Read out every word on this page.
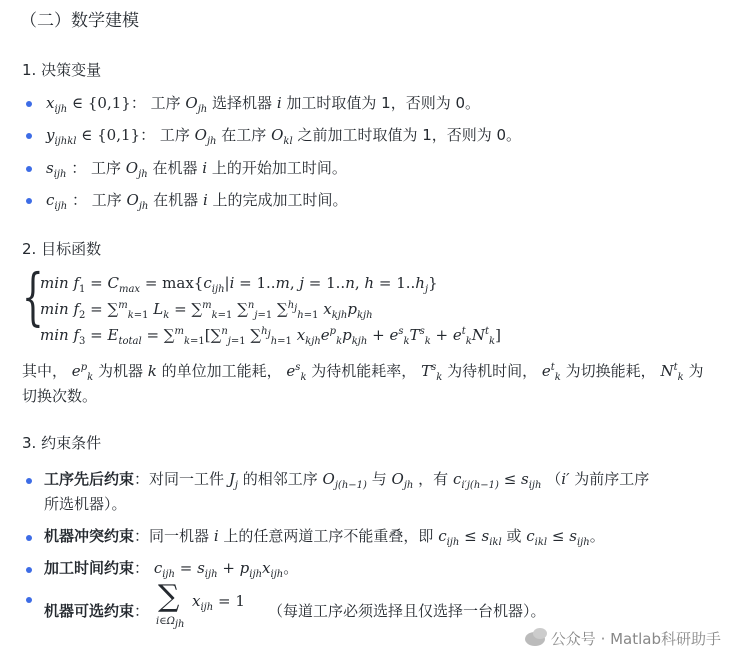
（二）数学建模
1. 决策变量
$x_{ijh}$ ∈ {0,1}： 工序 $O_{jh}$ 选择机器 i 加工时取值为 1，否则为 0。
$y_{ijhkl}$ ∈ {0,1}： 工序 $O_{jh}$ 在工序 $O_{kl}$ 之前加工时取值为 1，否则为 0。
$s_{ijh}$ ： 工序 $O_{jh}$ 在机器 i 上的开始加工时间。
$c_{ijh}$ ： 工序 $O_{jh}$ 在机器 i 上的完成加工时间。
2. 目标函数
{
$\min f_1 = C_{max} = \max\{c_{ijh}|i = 1..m$, j = 1..n, $h = 1..h_j$}
$\min f_2 = \sum^m_{k=1}$ $L_k = \sum^m_{k=1}$ ∑$^n_{j=1}$ ∑$^{h_j}_{h=1}$ $x_{kjh}p_{kjh}$
$\min f_3 = E_{total} = \sum^m_{k=1}[\sum^n_{j=1}$ ∑$^{h_j}_{h=1}$ $x_{kjh}e^p_kp_{kjh} + e^s_kT^s_k + e^t_kN^t_k$]
其中， $e^p_k$ 为机器 k 的单位加工能耗， $e^s_k$ 为待机能耗率， $T^s_k$ 为待机时间， $e^t_k$ 为切换能耗， $N^t_k$ 为
切换次数。
3. 约束条件
工序先后约束：对同一工件 $J_j$ 的相邻工序 $O_{j(h-1)}$ 与 $O_{jh}$ ，有 $c_{i'j(h-1)} \le s_{ijh}$ （i′ 为前序工序
所选机器）。
机器冲突约束：同一机器 i 上的任意两道工序不能重叠，即 $c_{ijh} \le s_{ikl}$ 或 $c_{ikl} \le s_{ijh}$。
加工时间约束： $c_{ijh} = s_{ijh} + p_{ijh}x_{ijh}$。
机器可选约束： ∑
$i\in\Omega_{jh}$
$x_{ijh} = 1$
（每道工序必须选择且仅选择一台机器）。
公众号 · Matlab科研助手
